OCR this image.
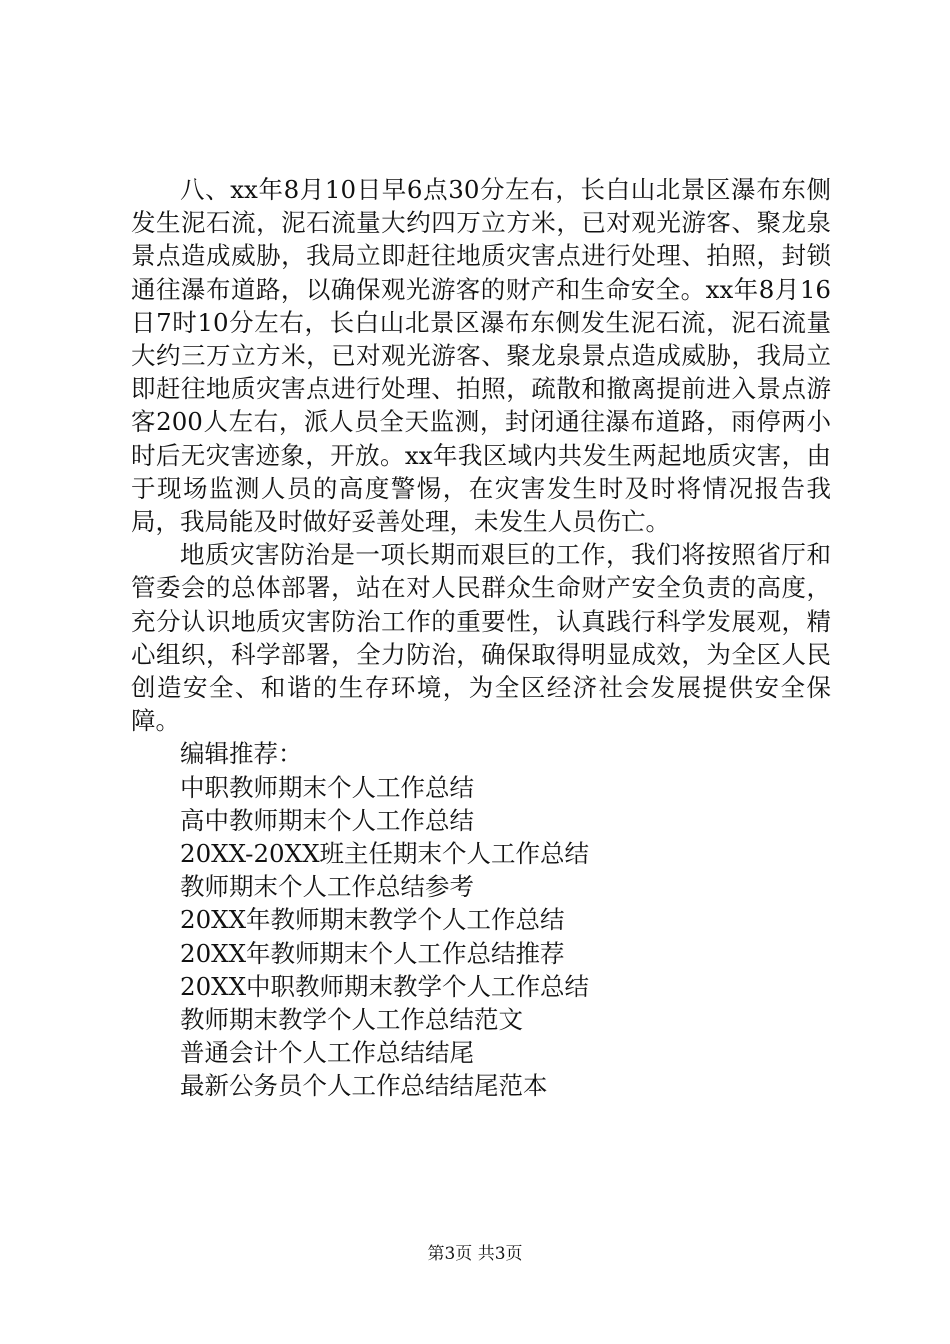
八、xx年8月10日早6点30分左右，长白山北景区瀑布东侧发生泥石流，泥石流量大约四万立方米，已对观光游客、聚龙泉景点造成威胁，我局立即赶往地质灾害点进行处理、拍照，封锁通往瀑布道路，以确保观光游客的财产和生命安全。xx年8月16日7时10分左右，长白山北景区瀑布东侧发生泥石流，泥石流量大约三万立方米，已对观光游客、聚龙泉景点造成威胁，我局立即赶往地质灾害点进行处理、拍照，疏散和撤离提前进入景点游客200人左右，派人员全天监测，封闭通往瀑布道路，雨停两小时后无灾害迹象，开放。xx年我区域内共发生两起地质灾害，由于现场监测人员的高度警惕，在灾害发生时及时将情况报告我局，我局能及时做好妥善处理，未发生人员伤亡。

地质灾害防治是一项长期而艰巨的工作，我们将按照省厅和管委会的总体部署，站在对人民群众生命财产安全负责的高度，充分认识地质灾害防治工作的重要性，认真践行科学发展观，精心组织，科学部署，全力防治，确保取得明显成效，为全区人民创造安全、和谐的生存环境，为全区经济社会发展提供安全保障。

编辑推荐：

中职教师期末个人工作总结
高中教师期末个人工作总结
20XX-20XX班主任期末个人工作总结
教师期末个人工作总结参考
20XX年教师期末教学个人工作总结
20XX年教师期末个人工作总结推荐
20XX中职教师期末教学个人工作总结
教师期末教学个人工作总结范文
普通会计个人工作总结结尾
最新公务员个人工作总结结尾范本
第3页 共3页
